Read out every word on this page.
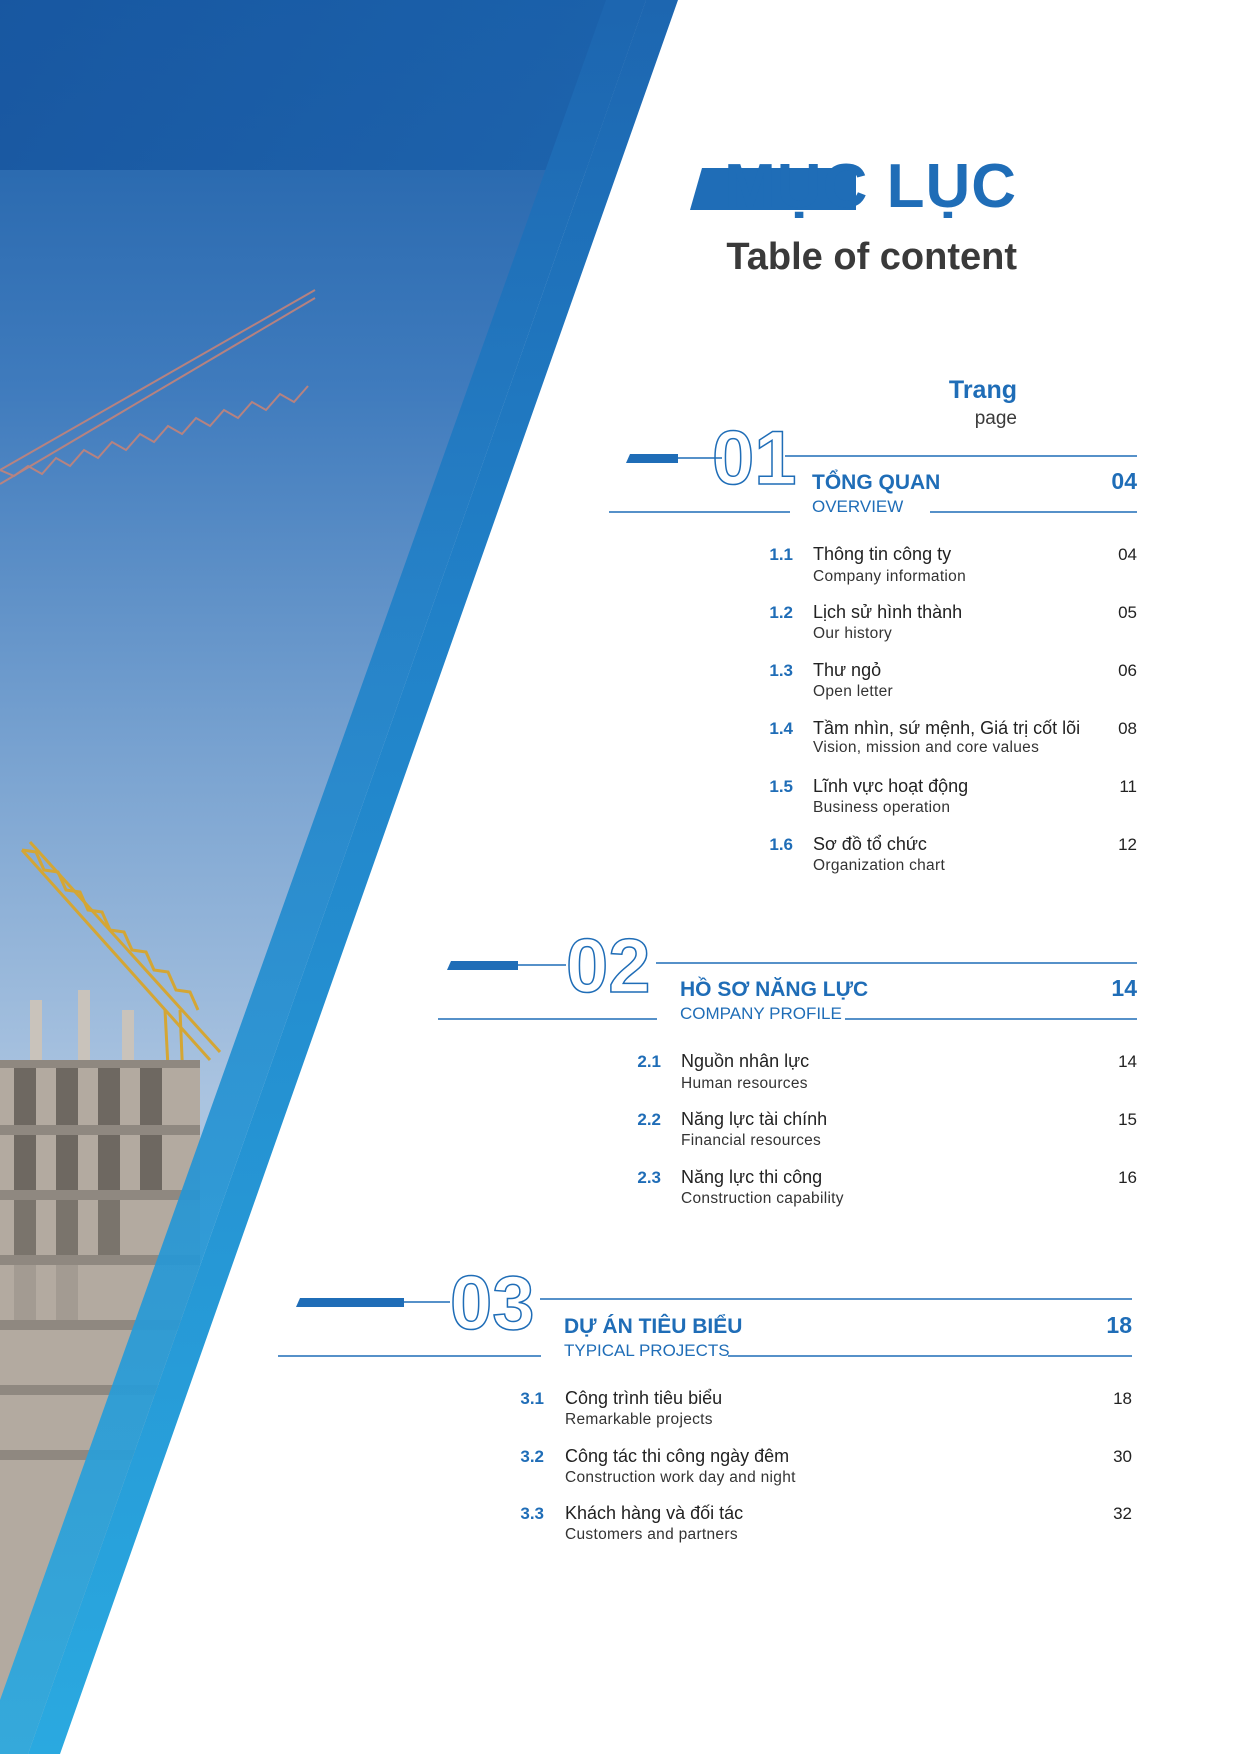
01
02
03
MỤC LỤC
Table of content
Trang
page
TỔNG QUAN
OVERVIEW
04
1.1 Thông tin công ty
Company information
04
1.2 Lịch sử hình thành
Our history
05
1.3 Thư ngỏ
Open letter
06
1.4 Tầm nhìn, sứ mệnh, Giá trị cốt lõi
Vision, mission and core values
08
1.5 Lĩnh vực hoạt động
Business operation
11
1.6 Sơ đồ tổ chức
Organization chart
12
HỒ SƠ NĂNG LỰC
COMPANY PROFILE
14
2.1 Nguồn nhân lực
Human resources
14
2.2 Năng lực tài chính
Financial resources
15
2.3 Năng lực thi công
Construction capability
16
DỰ ÁN TIÊU BIỂU
TYPICAL PROJECTS
18
3.1 Công trình tiêu biểu
Remarkable projects
18
3.2 Công tác thi công ngày đêm
Construction work day and night
30
3.3 Khách hàng và đối tác
Customers and partners
32
